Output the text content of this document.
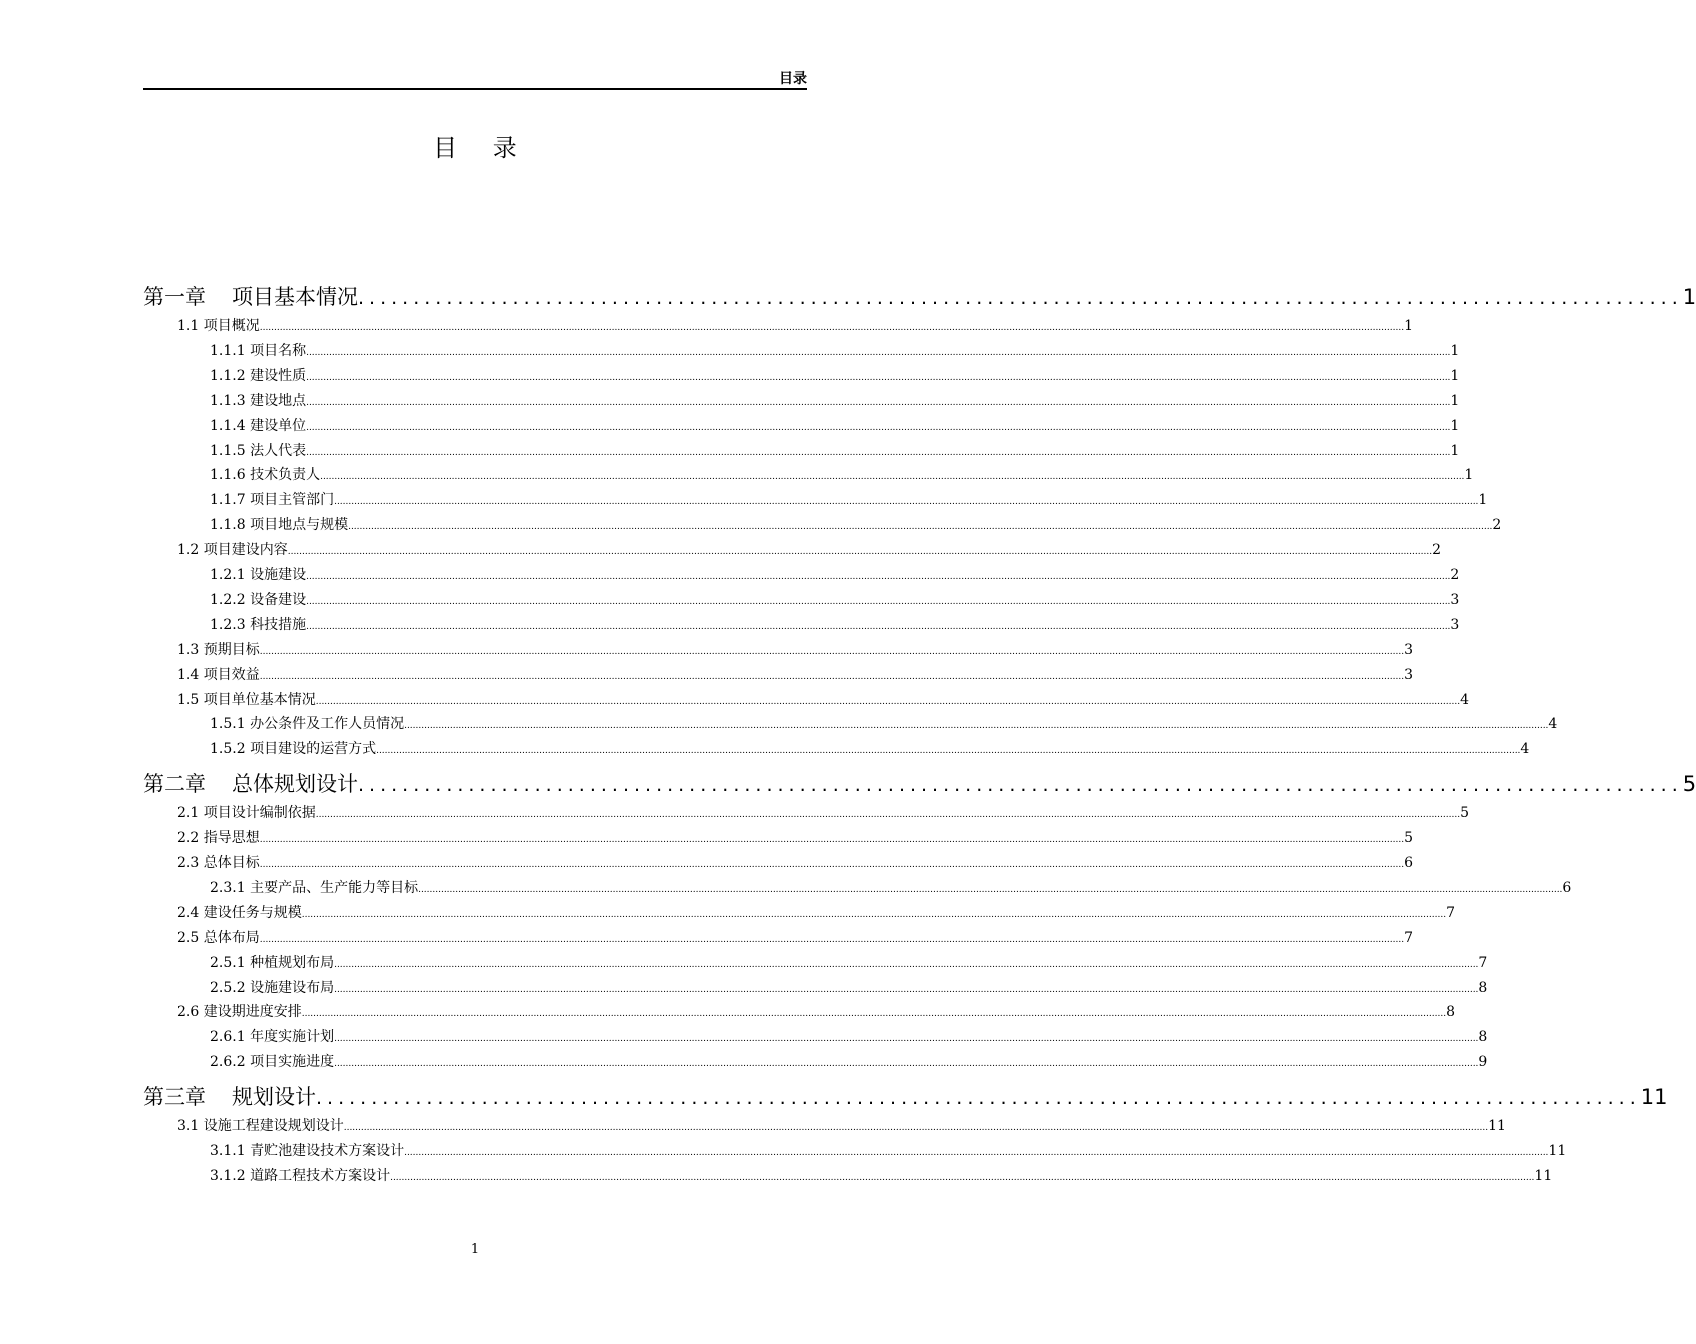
目录
目 录
第一章 项目基本情况 ........................................................................................................................ 1
1.1 项目概况 ................................................................................................................................................................................................................................................................................................................................................................................................................ 1
1.1.1 项目名称 ................................................................................................................................................................................................................................................................................................................................................................................................................ 1
1.1.2 建设性质 ................................................................................................................................................................................................................................................................................................................................................................................................................ 1
1.1.3 建设地点 ................................................................................................................................................................................................................................................................................................................................................................................................................ 1
1.1.4 建设单位 ................................................................................................................................................................................................................................................................................................................................................................................................................ 1
1.1.5 法人代表 ................................................................................................................................................................................................................................................................................................................................................................................................................ 1
1.1.6 技术负责人 ................................................................................................................................................................................................................................................................................................................................................................................................................ 1
1.1.7 项目主管部门 ................................................................................................................................................................................................................................................................................................................................................................................................................ 1
1.1.8 项目地点与规模 ................................................................................................................................................................................................................................................................................................................................................................................................................ 2
1.2 项目建设内容 ................................................................................................................................................................................................................................................................................................................................................................................................................ 2
1.2.1 设施建设 ................................................................................................................................................................................................................................................................................................................................................................................................................ 2
1.2.2 设备建设 ................................................................................................................................................................................................................................................................................................................................................................................................................ 3
1.2.3 科技措施 ................................................................................................................................................................................................................................................................................................................................................................................................................ 3
1.3 预期目标 ................................................................................................................................................................................................................................................................................................................................................................................................................ 3
1.4 项目效益 ................................................................................................................................................................................................................................................................................................................................................................................................................ 3
1.5 项目单位基本情况 ................................................................................................................................................................................................................................................................................................................................................................................................................ 4
1.5.1 办公条件及工作人员情况 ................................................................................................................................................................................................................................................................................................................................................................................................................ 4
1.5.2 项目建设的运营方式 ................................................................................................................................................................................................................................................................................................................................................................................................................ 4
第二章 总体规划设计 ........................................................................................................................ 5
2.1 项目设计编制依据 ................................................................................................................................................................................................................................................................................................................................................................................................................ 5
2.2 指导思想 ................................................................................................................................................................................................................................................................................................................................................................................................................ 5
2.3 总体目标 ................................................................................................................................................................................................................................................................................................................................................................................................................ 6
2.3.1 主要产品、生产能力等目标 ................................................................................................................................................................................................................................................................................................................................................................................................................ 6
2.4 建设任务与规模 ................................................................................................................................................................................................................................................................................................................................................................................................................ 7
2.5 总体布局 ................................................................................................................................................................................................................................................................................................................................................................................................................ 7
2.5.1 种植规划布局 ................................................................................................................................................................................................................................................................................................................................................................................................................ 7
2.5.2 设施建设布局 ................................................................................................................................................................................................................................................................................................................................................................................................................ 8
2.6 建设期进度安排 ................................................................................................................................................................................................................................................................................................................................................................................................................ 8
2.6.1 年度实施计划 ................................................................................................................................................................................................................................................................................................................................................................................................................ 8
2.6.2 项目实施进度 ................................................................................................................................................................................................................................................................................................................................................................................................................ 9
第三章 规划设计 ........................................................................................................................ 11
3.1 设施工程建设规划设计 ................................................................................................................................................................................................................................................................................................................................................................................................................ 11
3.1.1 青贮池建设技术方案设计 ................................................................................................................................................................................................................................................................................................................................................................................................................ 11
3.1.2 道路工程技术方案设计 ................................................................................................................................................................................................................................................................................................................................................................................................................ 11
1
